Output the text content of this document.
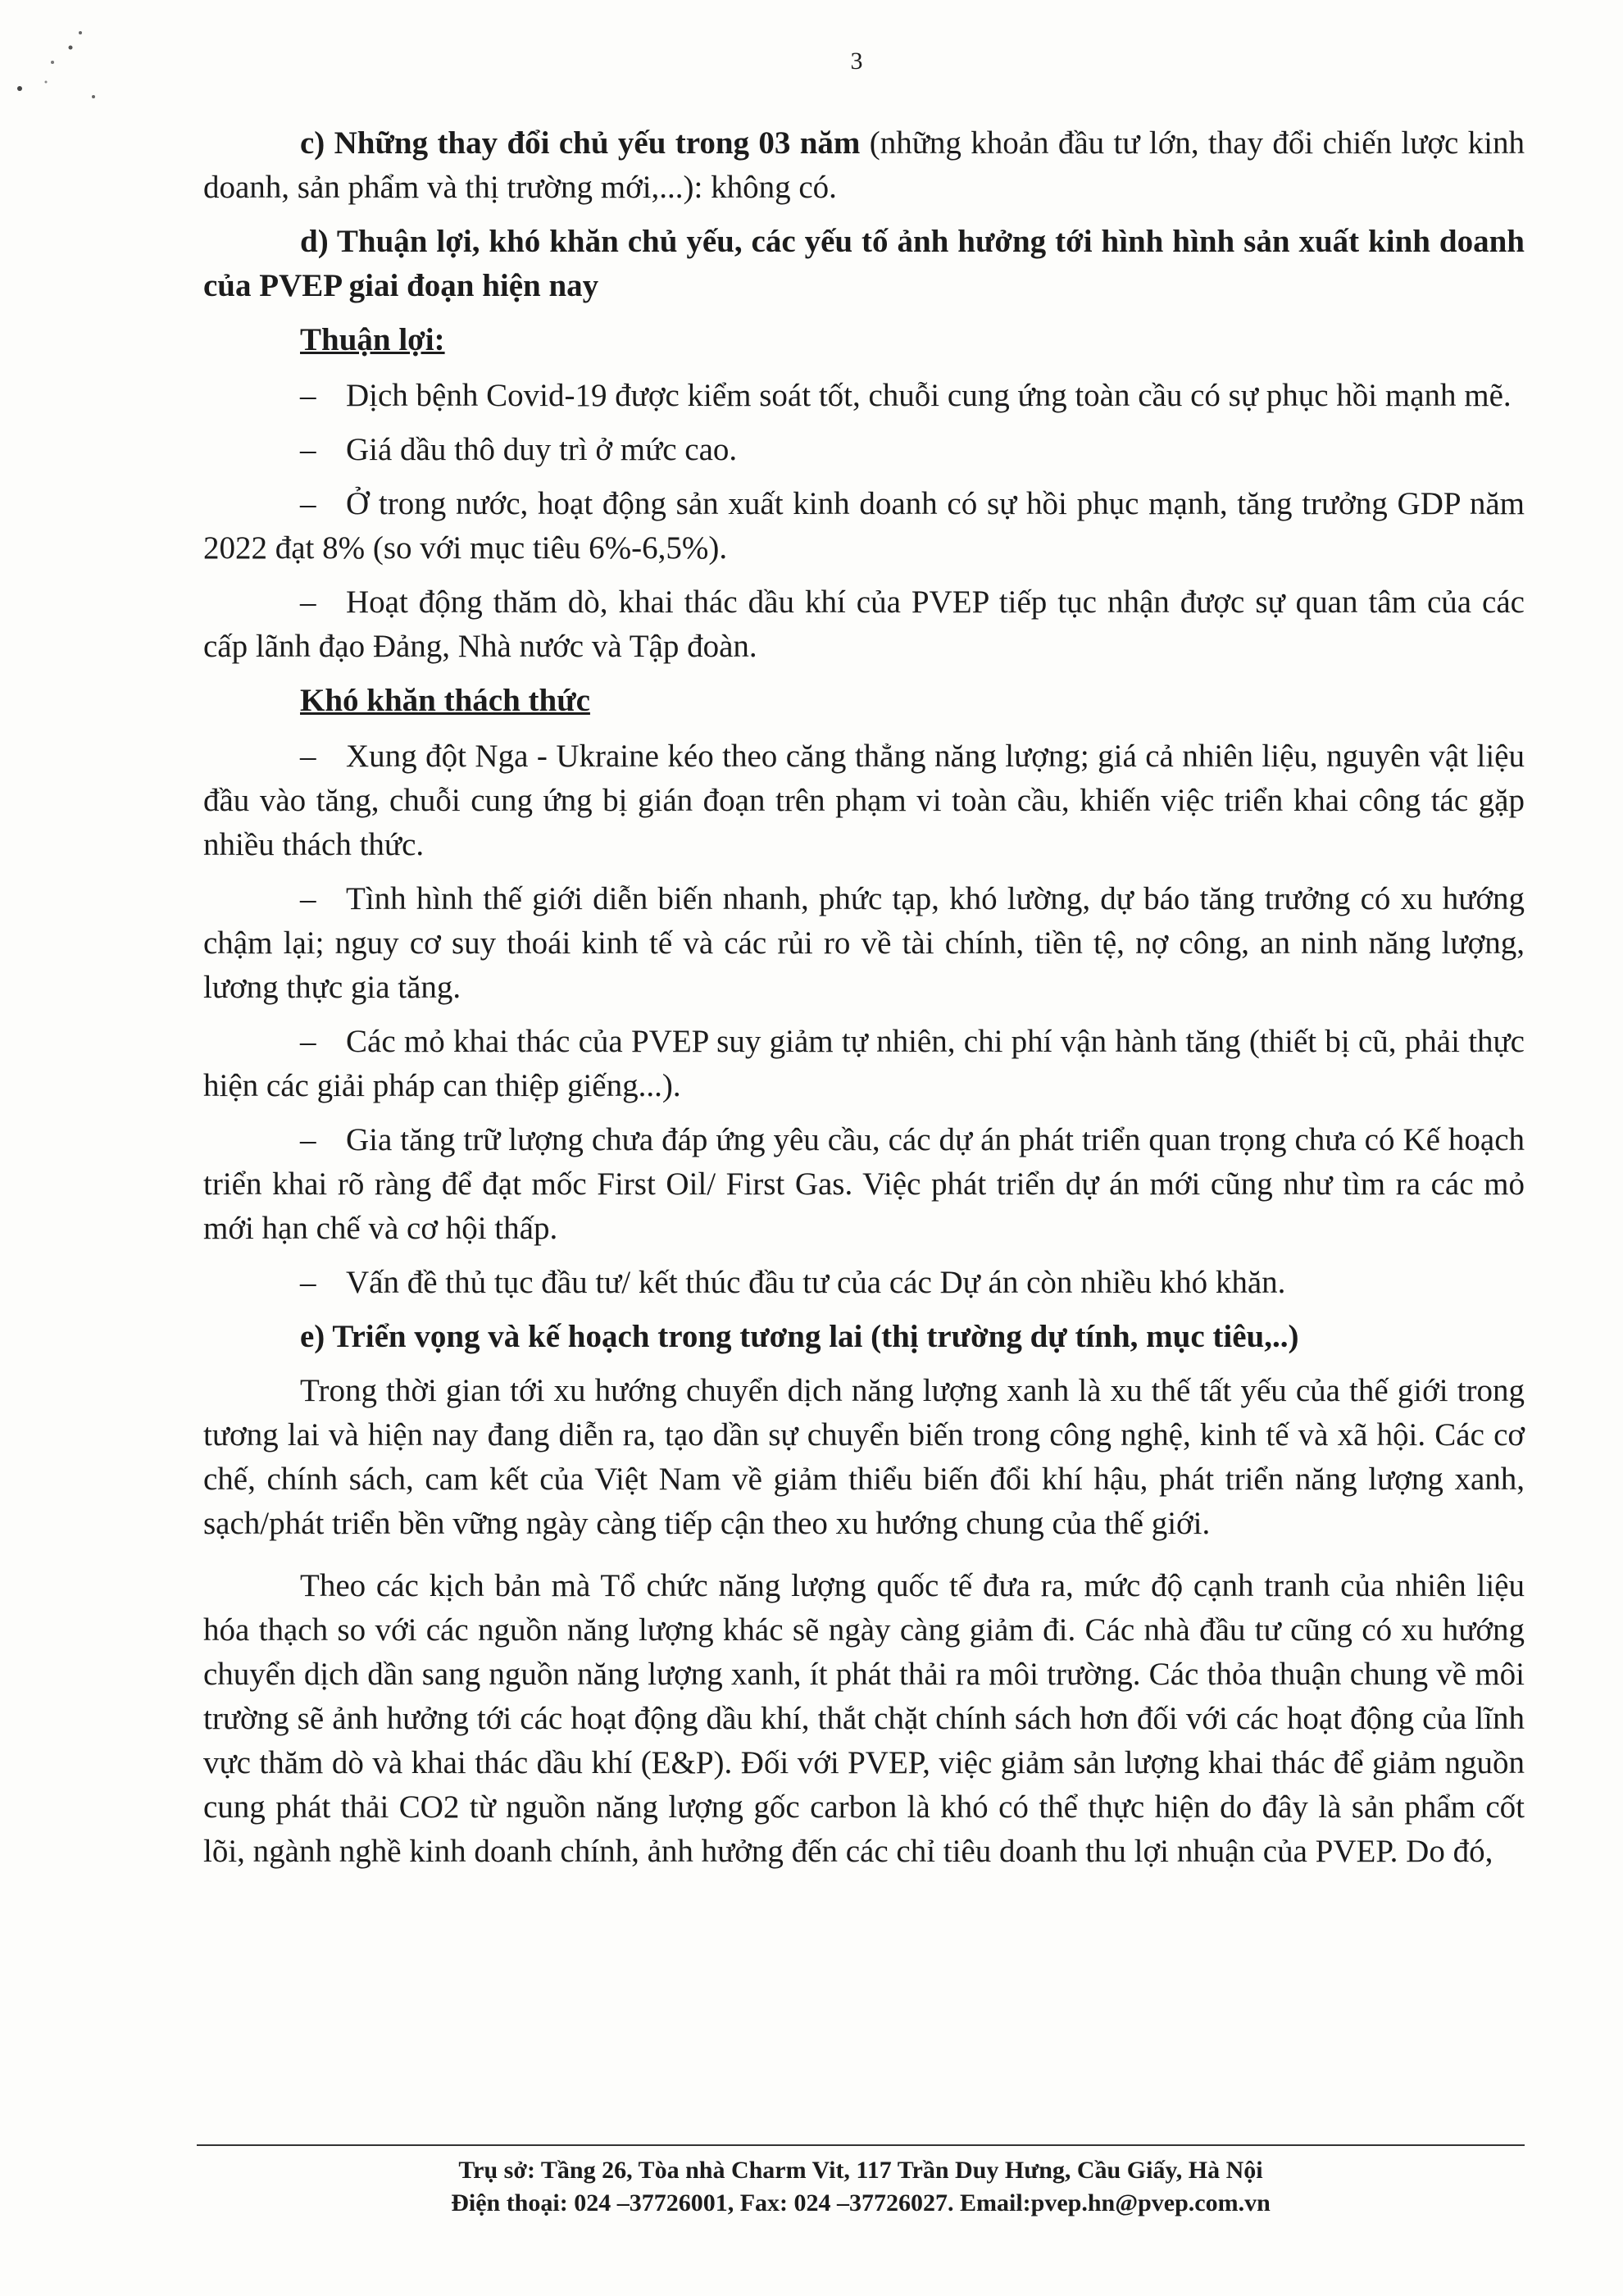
3

c) Những thay đổi chủ yếu trong 03 năm (những khoản đầu tư lớn, thay đổi chiến lược kinh doanh, sản phẩm và thị trường mới,...): không có.

d) Thuận lợi, khó khăn chủ yếu, các yếu tố ảnh hưởng tới hình hình sản xuất kinh doanh của PVEP giai đoạn hiện nay

Thuận lợi:

– Dịch bệnh Covid-19 được kiểm soát tốt, chuỗi cung ứng toàn cầu có sự phục hồi mạnh mẽ.

– Giá dầu thô duy trì ở mức cao.

– Ở trong nước, hoạt động sản xuất kinh doanh có sự hồi phục mạnh, tăng trưởng GDP năm 2022 đạt 8% (so với mục tiêu 6%-6,5%).

– Hoạt động thăm dò, khai thác dầu khí của PVEP tiếp tục nhận được sự quan tâm của các cấp lãnh đạo Đảng, Nhà nước và Tập đoàn.

Khó khăn thách thức

– Xung đột Nga - Ukraine kéo theo căng thẳng năng lượng; giá cả nhiên liệu, nguyên vật liệu đầu vào tăng, chuỗi cung ứng bị gián đoạn trên phạm vi toàn cầu, khiến việc triển khai công tác gặp nhiều thách thức.

– Tình hình thế giới diễn biến nhanh, phức tạp, khó lường, dự báo tăng trưởng có xu hướng chậm lại; nguy cơ suy thoái kinh tế và các rủi ro về tài chính, tiền tệ, nợ công, an ninh năng lượng, lương thực gia tăng.

– Các mỏ khai thác của PVEP suy giảm tự nhiên, chi phí vận hành tăng (thiết bị cũ, phải thực hiện các giải pháp can thiệp giếng...).

– Gia tăng trữ lượng chưa đáp ứng yêu cầu, các dự án phát triển quan trọng chưa có Kế hoạch triển khai rõ ràng để đạt mốc First Oil/ First Gas. Việc phát triển dự án mới cũng như tìm ra các mỏ mới hạn chế và cơ hội thấp.

– Vấn đề thủ tục đầu tư/ kết thúc đầu tư của các Dự án còn nhiều khó khăn.

e) Triển vọng và kế hoạch trong tương lai (thị trường dự tính, mục tiêu,..)

Trong thời gian tới xu hướng chuyển dịch năng lượng xanh là xu thế tất yếu của thế giới trong tương lai và hiện nay đang diễn ra, tạo dần sự chuyển biến trong công nghệ, kinh tế và xã hội. Các cơ chế, chính sách, cam kết của Việt Nam về giảm thiểu biến đổi khí hậu, phát triển năng lượng xanh, sạch/phát triển bền vững ngày càng tiếp cận theo xu hướng chung của thế giới.

Theo các kịch bản mà Tổ chức năng lượng quốc tế đưa ra, mức độ cạnh tranh của nhiên liệu hóa thạch so với các nguồn năng lượng khác sẽ ngày càng giảm đi. Các nhà đầu tư cũng có xu hướng chuyển dịch dần sang nguồn năng lượng xanh, ít phát thải ra môi trường. Các thỏa thuận chung về môi trường sẽ ảnh hưởng tới các hoạt động dầu khí, thắt chặt chính sách hơn đối với các hoạt động của lĩnh vực thăm dò và khai thác dầu khí (E&P). Đối với PVEP, việc giảm sản lượng khai thác để giảm nguồn cung phát thải CO2 từ nguồn năng lượng gốc carbon là khó có thể thực hiện do đây là sản phẩm cốt lõi, ngành nghề kinh doanh chính, ảnh hưởng đến các chỉ tiêu doanh thu lợi nhuận của PVEP. Do đó,

Trụ sở: Tầng 26, Tòa nhà Charm Vit, 117 Trần Duy Hưng, Cầu Giấy, Hà Nội
Điện thoại: 024 –37726001, Fax: 024 –37726027. Email:pvep.hn@pvep.com.vn
